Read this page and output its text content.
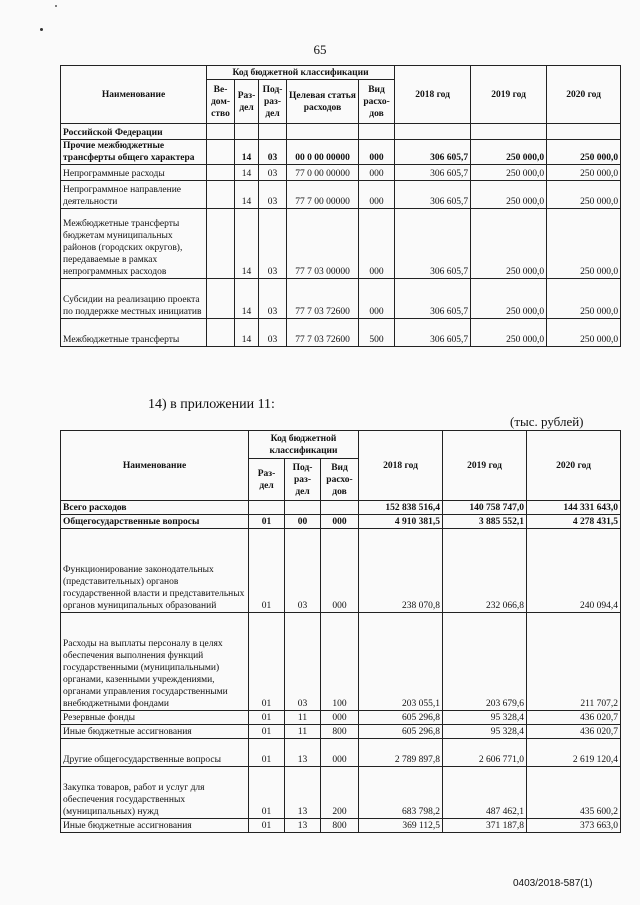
65
Наименование	Код бюджетной классификации					2018 год	2019 год	2020 год
	Ве-дом-ство	Раз-дел	Под-раз-дел	Целевая статья расходов	Вид расхо-дов			
Российской Федерации								
Прочие межбюджетные трансферты общего характера		14	03	00 0 00 00000	000	306 605,7	250 000,0	250 000,0
Непрограммные расходы		14	03	77 0 00 00000	000	306 605,7	250 000,0	250 000,0
Непрограммное направление деятельности		14	03	77 7 00 00000	000	306 605,7	250 000,0	250 000,0
Межбюджетные трансферты бюджетам муниципальных районов (городских округов), передаваемые в рамках непрограммных расходов		14	03	77 7 03 00000	000	306 605,7	250 000,0	250 000,0
Субсидии на реализацию проекта по поддержке местных инициатив		14	03	77 7 03 72600	000	306 605,7	250 000,0	250 000,0
Межбюджетные трансферты		14	03	77 7 03 72600	500	306 605,7	250 000,0	250 000,0
14) в приложении 11:
(тыс. рублей)
Наименование	Код бюджетной классификации			2018 год	2019 год	2020 год
	Раз-дел	Под-раз-дел	Вид расхо-дов			
Всего расходов				152 838 516,4	140 758 747,0	144 331 643,0
Общегосударственные вопросы	01	00	000	4 910 381,5	3 885 552,1	4 278 431,5
Функционирование законодательных (представительных) органов государственной власти и представительных органов муниципальных образований	01	03	000	238 070,8	232 066,8	240 094,4
Расходы на выплаты персоналу в целях обеспечения выполнения функций государственными (муниципальными) органами, казенными учреждениями, органами управления государственными внебюджетными фондами	01	03	100	203 055,1	203 679,6	211 707,2
Резервные фонды	01	11	000	605 296,8	95 328,4	436 020,7
Иные бюджетные ассигнования	01	11	800	605 296,8	95 328,4	436 020,7
Другие общегосударственные вопросы	01	13	000	2 789 897,8	2 606 771,0	2 619 120,4
Закупка товаров, работ и услуг для обеспечения государственных (муниципальных) нужд	01	13	200	683 798,2	487 462,1	435 600,2
Иные бюджетные ассигнования	01	13	800	369 112,5	371 187,8	373 663,0
0403/2018-587(1)
